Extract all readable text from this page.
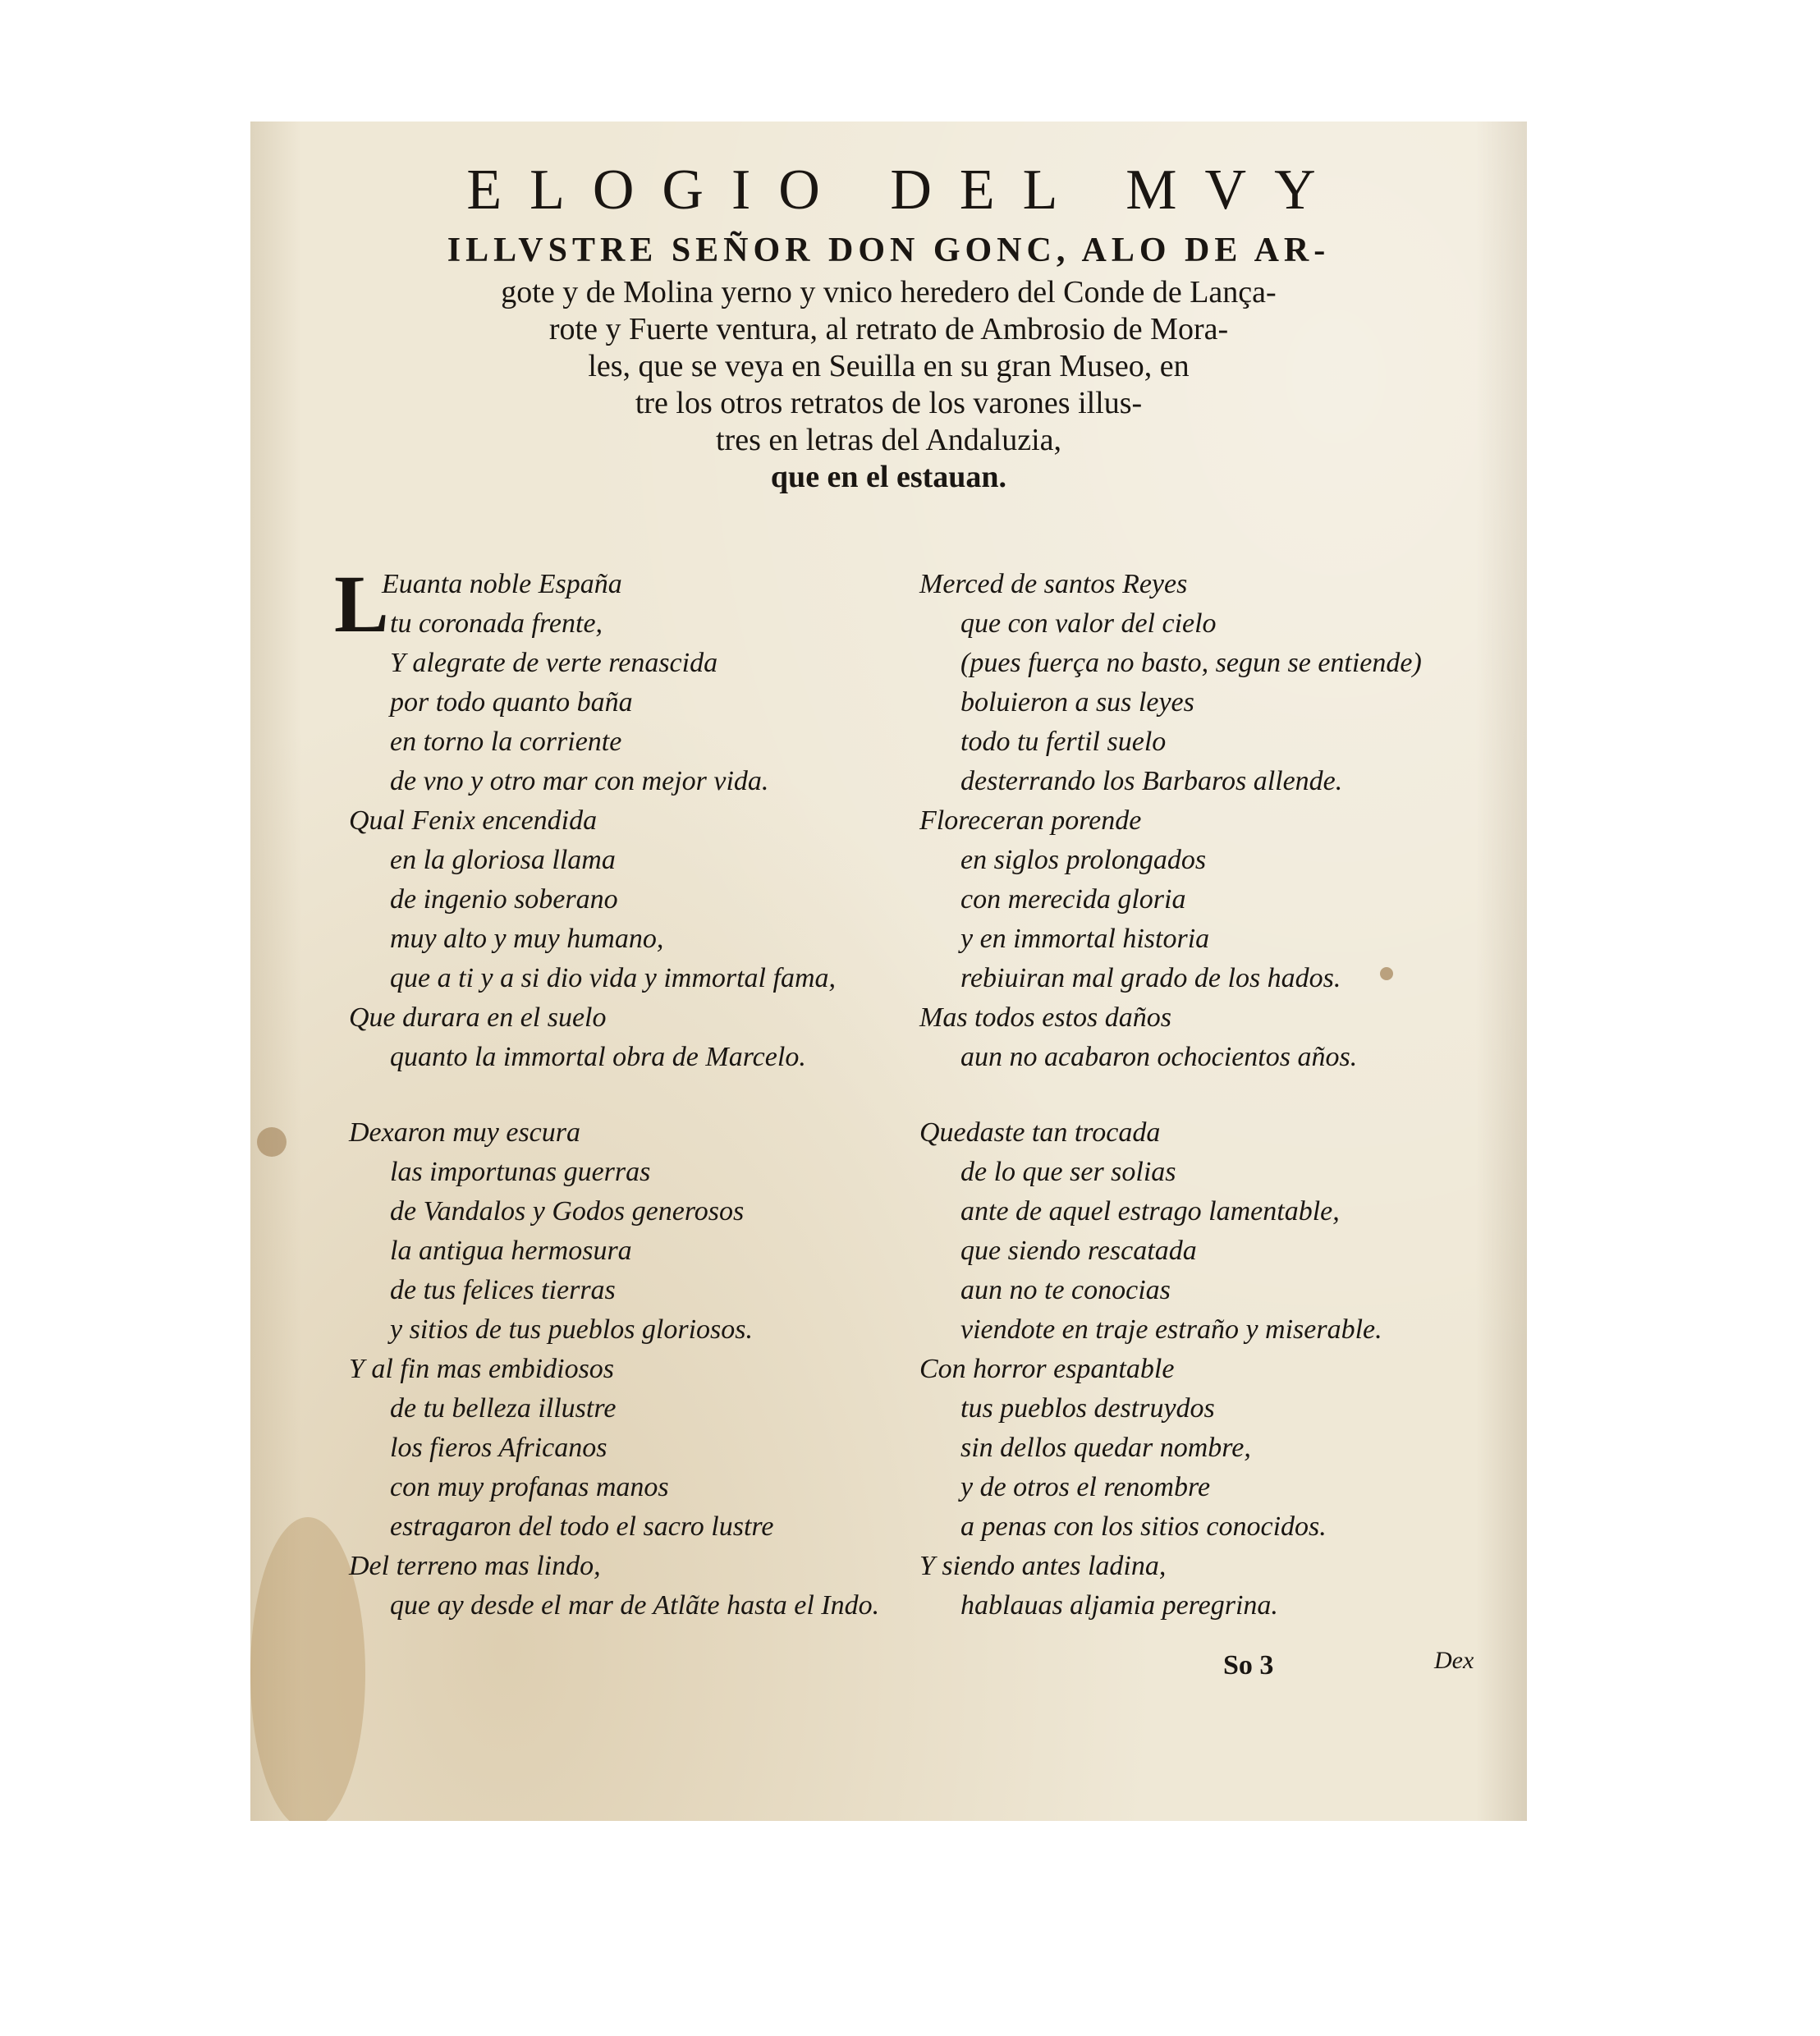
ELOGIO DEL MVY

ILLVSTRE SEÑOR DON GONC, ALO DE AR-

gote y de Molina yerno y vnico heredero del Conde de Lança-

rote y Fuerte ventura, al retrato de Ambrosio de Mora-

les, que se veya en Seuilla en su gran Museo, en

tre los otros retratos de los varones illus-

tres en letras del Andaluzia,

que en el estauan.

L
Euanta noble España
tu coronada frente,
Y alegrate de verte renascida
por todo quanto baña
en torno la corriente
de vno y otro mar con mejor vida.
Qual Fenix encendida
en la gloriosa llama
de ingenio soberano
muy alto y muy humano,
que a ti y a si dio vida y immortal fama,
Que durara en el suelo
quanto la immortal obra de Marcelo.
Dexaron muy escura
las importunas guerras
de Vandalos y Godos generosos
la antigua hermosura
de tus felices tierras
y sitios de tus pueblos gloriosos.
Y al fin mas embidiosos
de tu belleza illustre
los fieros Africanos
con muy profanas manos
estragaron del todo el sacro lustre
Del terreno mas lindo,
que ay desde el mar de Atlãte hasta el Indo.
Merced de santos Reyes
que con valor del cielo
(pues fuerça no basto, segun se entiende)
boluieron a sus leyes
todo tu fertil suelo
desterrando los Barbaros allende.
Floreceran porende
en siglos prolongados
con merecida gloria
y en immortal historia
rebiuiran mal grado de los hados.
Mas todos estos daños
aun no acabaron ochocientos años.
Quedaste tan trocada
de lo que ser solias
ante de aquel estrago lamentable,
que siendo rescatada
aun no te conocias
viendote en traje estraño y miserable.
Con horror espantable
tus pueblos destruydos
sin dellos quedar nombre,
y de otros el renombre
a penas con los sitios conocidos.
Y siendo antes ladina,
hablauas aljamia peregrina.
So 3	Dex
